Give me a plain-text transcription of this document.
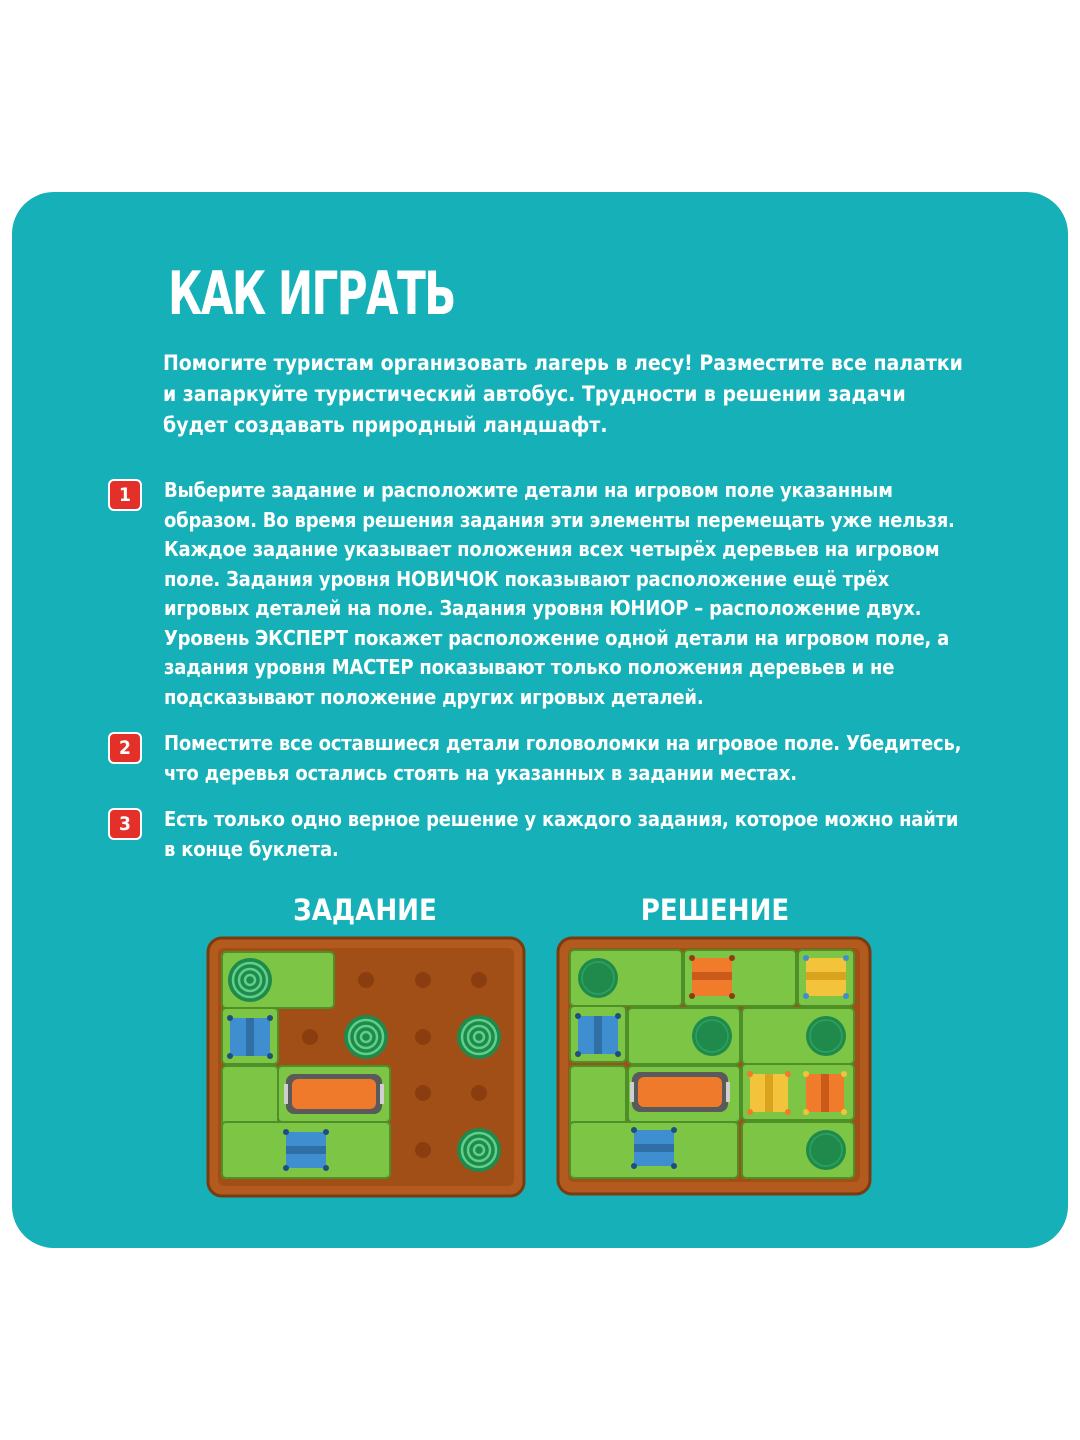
КАК ИГРАТЬ
Помогите туристам организовать лагерь в лесу! Разместите все палатки и запаркуйте туристический автобус. Трудности в решении задачи будет создавать природный ландшафт.
1	Выберите задание и расположите детали на игровом поле указанным образом. Во время решения задания эти элементы перемещать уже нельзя. Каждое задание указывает положения всех четырёх деревьев на игровом поле. Задания уровня НОВИЧОК показывают расположение ещё трёх игровых деталей на поле. Задания уровня ЮНИОР – расположение двух. Уровень ЭКСПЕРТ покажет расположение одной детали на игровом поле, а задания уровня МАСТЕР показывают только положения деревьев и не подсказывают положение других игровых деталей.
2	Поместите все оставшиеся детали головоломки на игровое поле. Убедитесь, что деревья остались стоять на указанных в задании местах.
3	Есть только одно верное решение у каждого задания, которое можно найти в конце буклета.
ЗАДАНИЕ	РЕШЕНИЕ
